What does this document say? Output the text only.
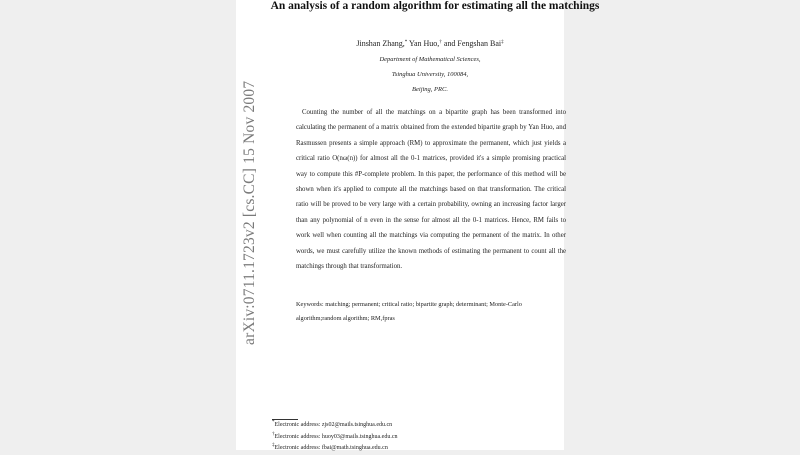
arXiv:0711.1723v2 [cs.CC] 15 Nov 2007
An analysis of a random algorithm for estimating all the matchings
Jinshan Zhang,* Yan Huo,† and Fengshan Bai‡
Department of Mathematical Sciences,
Tsinghua University, 100084,
Beijing, PRC.
Counting the number of all the matchings on a bipartite graph has been transformed into calculating the permanent of a matrix obtained from the extended bipartite graph by Yan Huo, and Rasmussen presents a simple approach (RM) to approximate the permanent, which just yields a critical ratio O(nω(n)) for almost all the 0-1 matrices, provided it's a simple promising practical way to compute this #P-complete problem. In this paper, the performance of this method will be shown when it's applied to compute all the matchings based on that transformation. The critical ratio will be proved to be very large with a certain probability, owning an increasing factor larger than any polynomial of n even in the sense for almost all the 0-1 matrices. Hence, RM fails to work well when counting all the matchings via computing the permanent of the matrix. In other words, we must carefully utilize the known methods of estimating the permanent to count all the matchings through that transformation.
Keywords: matching; permanent; critical ratio; bipartite graph; determinant; Monte-Carlo algorithm;random algorithm; RM,fpras
*Electronic address: zjs02@mails.tsinghua.edu.cn
†Electronic address: huoy03@mails.tsinghua.edu.cn
‡Electronic address: fbai@math.tsinghua.edu.cn
